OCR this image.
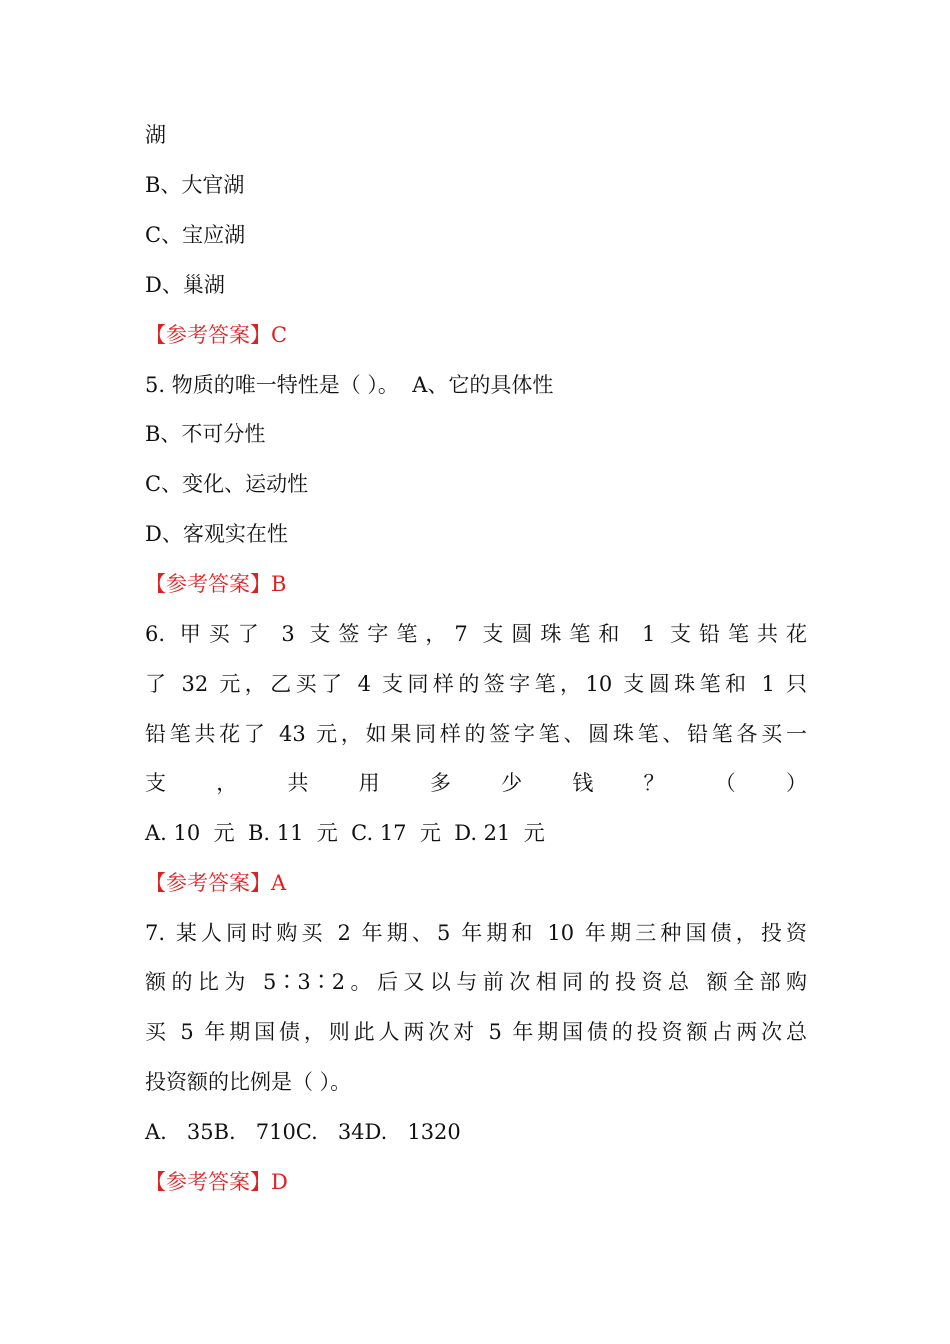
湖
B、大官湖
C、宝应湖
D、巢湖
【参考答案】C
5. 物质的唯一特性是（ ）。  A、它的具体性
B、不可分性
C、变化、运动性
D、客观实在性
【参考答案】B
6. 甲买了 3 支签字笔，7 支圆珠笔和 1 支铅笔共花
了 32 元，乙买了 4 支同样的签字笔，10 支圆珠笔和 1 只
铅笔共花了 43 元，如果同样的签字笔、圆珠笔、铅笔各买一
支 ， 共 用 多 少 钱 ？ （ ）
A. 10  元  B. 11  元  C. 17  元  D. 21  元
【参考答案】A
7. 某人同时购买 2 年期、5 年期和 10 年期三种国债，投资
额的比为 5∶3∶2。后又以与前次相同的投资总 额全部购
买 5 年期国债，则此人两次对 5 年期国债的投资额占两次总
投资额的比例是（ ）。
A.   35B.   710C.   34D.   1320
【参考答案】D
